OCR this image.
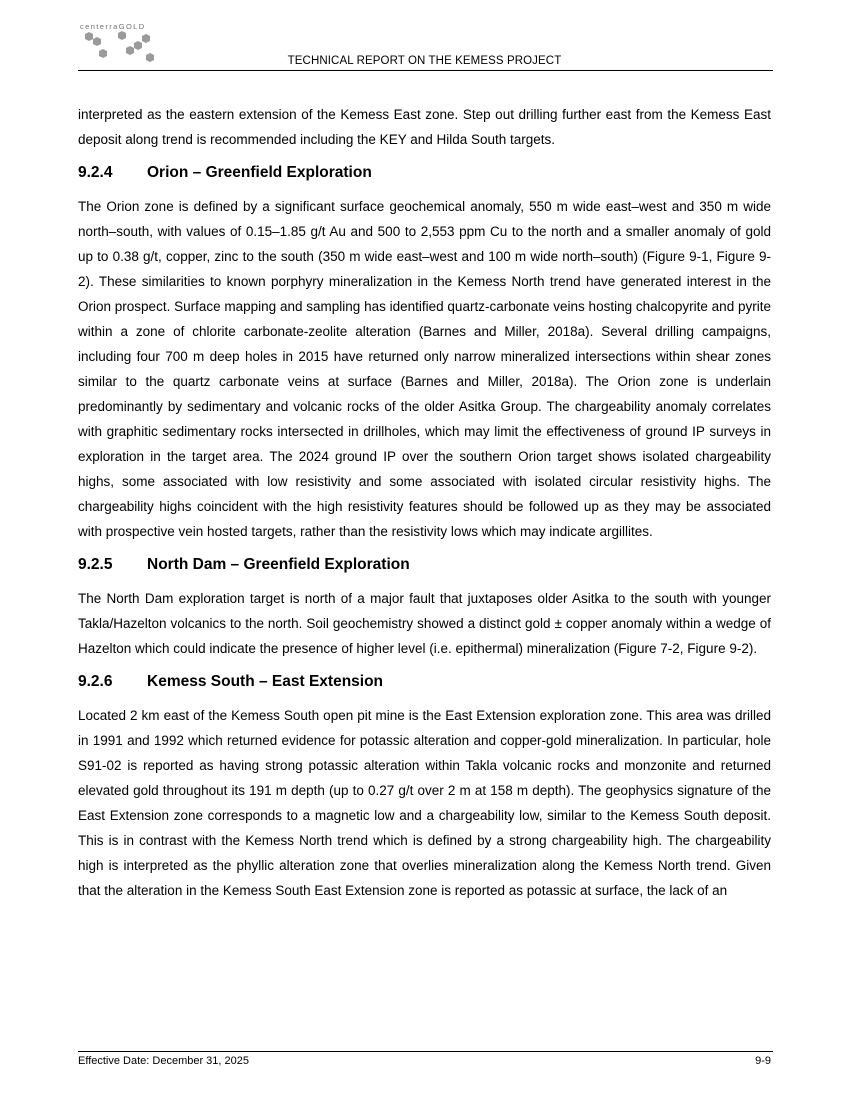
centerraGOLD
TECHNICAL REPORT ON THE KEMESS PROJECT

interpreted as the eastern extension of the Kemess East zone. Step out drilling further east from the Kemess East deposit along trend is recommended including the KEY and Hilda South targets.

9.2.4 Orion – Greenfield Exploration

The Orion zone is defined by a significant surface geochemical anomaly, 550 m wide east–west and 350 m wide north–south, with values of 0.15–1.85 g/t Au and 500 to 2,553 ppm Cu to the north and a smaller anomaly of gold up to 0.38 g/t, copper, zinc to the south (350 m wide east–west and 100 m wide north–south) (Figure 9-1, Figure 9-2). These similarities to known porphyry mineralization in the Kemess North trend have generated interest in the Orion prospect. Surface mapping and sampling has identified quartz-carbonate veins hosting chalcopyrite and pyrite within a zone of chlorite carbonate-zeolite alteration (Barnes and Miller, 2018a). Several drilling campaigns, including four 700 m deep holes in 2015 have returned only narrow mineralized intersections within shear zones similar to the quartz carbonate veins at surface (Barnes and Miller, 2018a). The Orion zone is underlain predominantly by sedimentary and volcanic rocks of the older Asitka Group. The chargeability anomaly correlates with graphitic sedimentary rocks intersected in drillholes, which may limit the effectiveness of ground IP surveys in exploration in the target area. The 2024 ground IP over the southern Orion target shows isolated chargeability highs, some associated with low resistivity and some associated with isolated circular resistivity highs. The chargeability highs coincident with the high resistivity features should be followed up as they may be associated with prospective vein hosted targets, rather than the resistivity lows which may indicate argillites.

9.2.5 North Dam – Greenfield Exploration

The North Dam exploration target is north of a major fault that juxtaposes older Asitka to the south with younger Takla/Hazelton volcanics to the north. Soil geochemistry showed a distinct gold ± copper anomaly within a wedge of Hazelton which could indicate the presence of higher level (i.e. epithermal) mineralization (Figure 7-2, Figure 9-2).

9.2.6 Kemess South – East Extension

Located 2 km east of the Kemess South open pit mine is the East Extension exploration zone. This area was drilled in 1991 and 1992 which returned evidence for potassic alteration and copper-gold mineralization. In particular, hole S91-02 is reported as having strong potassic alteration within Takla volcanic rocks and monzonite and returned elevated gold throughout its 191 m depth (up to 0.27 g/t over 2 m at 158 m depth). The geophysics signature of the East Extension zone corresponds to a magnetic low and a chargeability low, similar to the Kemess South deposit. This is in contrast with the Kemess North trend which is defined by a strong chargeability high. The chargeability high is interpreted as the phyllic alteration zone that overlies mineralization along the Kemess North trend. Given that the alteration in the Kemess South East Extension zone is reported as potassic at surface, the lack of an

Effective Date: December 31, 2025	9-9
